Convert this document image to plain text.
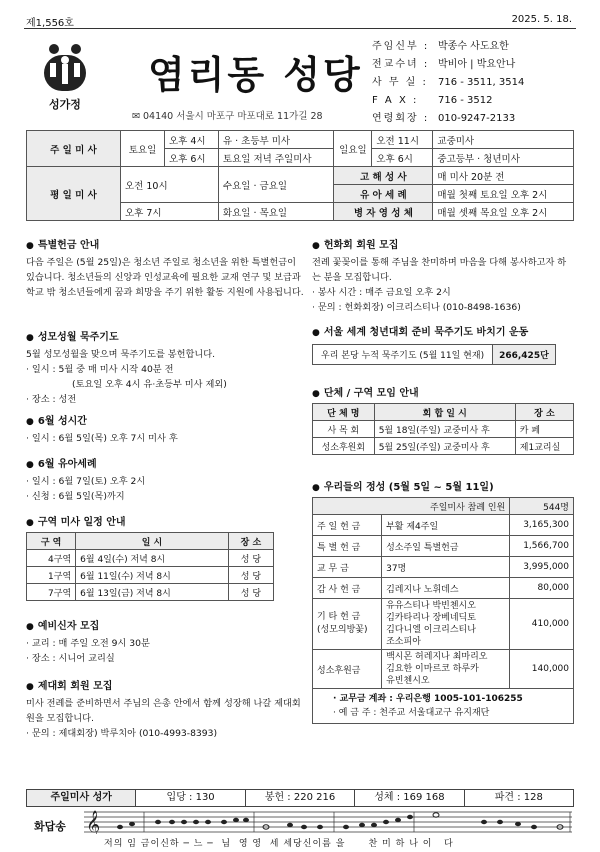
제1,556호	2025. 5. 18.
성가정
염리동 성당
✉ 04140 서울시 마포구 마포대로 11가길 28
주임신부 : 박종수 사도요한
전교수녀 : 박비아 | 박요안나
사 무 실 :	716 - 3511, 3514
F A X :	716 - 3512
연령회장 : 010-9247-2133
주 일 미 사	토요일	오후 4시	유 · 초등부 미사	일요일	오전 11시	교중미사
		오후 6시	토요일 저녁 주일미사		오후 6시	중고등부 · 청년미사
평 일 미 사	오전 10시		수요일 · 금요일	고 해 성 사		매 미사 20분 전
				유 아 세 례		매월 첫째 토요일 오후 2시
	오후 7시		화요일 · 목요일	병 자 영 성 체		매월 셋째 목요일 오후 2시
● 특별헌금 안내

다음 주일은 (5월 25일)은 청소년 주일로 청소년을 위한 특별헌금이 있습니다. 청소년들의 신앙과 인성교육에 필요한 교재 연구 및 보급과 학교 밖 청소년들에게 꿈과 희망을 주기 위한 활동 지원에 사용됩니다.

● 성모성월 묵주기도

5월 성모성월을 맞으며 묵주기도를 봉헌합니다.

· 일시 : 5월 중 매 미사 시작 40분 전

(토요일 오후 4시 유·초등부 미사 제외)

· 장소 : 성전
● 6월 성시간
· 일시 : 6월 5일(목) 오후 7시 미사 후
● 6월 유아세례
· 일시 : 6월 7일(토) 오후 2시
· 신청 : 6월 5일(목)까지
● 구역 미사 일정 안내
구 역	일 시	장 소
4구역	6월 4일(수) 저녁 8시	성 당
1구역	6월 11일(수) 저녁 8시	성 당
7구역	6월 13일(금) 저녁 8시	성 당
● 예비신자 모집
· 교리 : 매 주일 오전 9시 30분
· 장소 : 시니어 교리실
● 제대회 회원 모집

미사 전례를 준비하면서 주님의 은총 안에서 함께 성장해 나갈 제대회원을 모집합니다.

· 문의 : 제대회장) 박루치아 (010-4993-8393)
● 헌화회 회원 모집

전례 꽃꽂이를 통해 주님을 찬미하며 마음을 다해 봉사하고자 하는 분을 모집합니다.

· 봉사 시간 : 매주 금요일 오후 2시
· 문의 : 헌화회장) 이크리스티나 (010-8498-1636)
● 서울 세계 청년대회 준비 묵주기도 바치기 운동
우리 본당 누적 묵주기도 (5월 11일 현재)	266,425단
● 단체 / 구역 모임 안내
단 체 명	회 합 일 시	장 소
사 목 회	5월 18일(주일) 교중미사 후	카 페
성소후원회	5월 25일(주일) 교중미사 후	제1교리실
● 우리들의 정성 (5월 5일 ~ 5월 11일)
주일미사 참례 인원		544명
주 일 헌 금	부활 제4주일	3,165,300
특 별 헌 금	성소주일 특별헌금	1,566,700
교 무 금	37명	3,995,000
감 사 헌 금	김레지나 노휘데스	80,000
기 타 헌 금
(성모의방꽃)	유유스티나 박빈첸시오
김카타리나 장베네딕토
김다니엘 이크리스티나
조소피아	410,000
성소후원금	백시몬 허레지나 최마리오
김요한 이마르코 하루카
유빈첸시오	140,000

· 교무금 계좌 : 우리은행 1005-101-106255
· 예 금 주 : 천주교 서울대교구 유지재단		
주일미사 성가	입당 : 130	봉헌 : 220 216	성체 : 169 168	파견 : 128
화답송 𝄞
저의 임 금이신하 ─ 느 ─  님  영 영  세 세당신이름 을      찬 미 하 나 이   다
